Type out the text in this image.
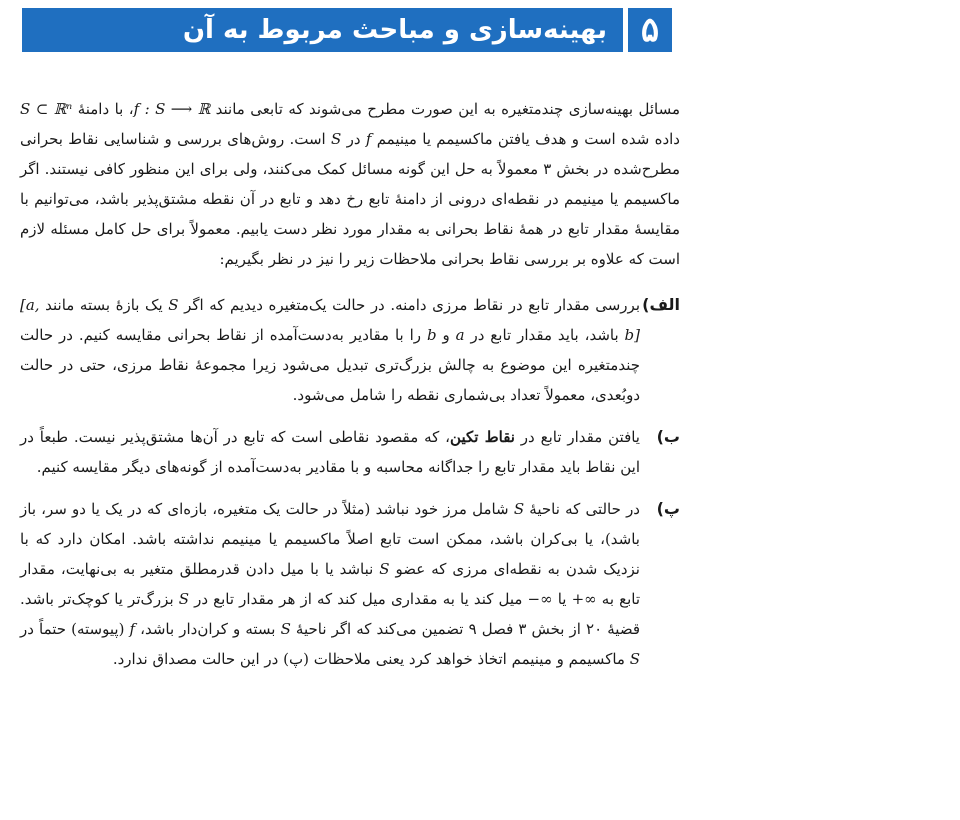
۵
بهینه‌سازی و مباحث مربوط به آن

مسائل بهینه‌سازی چندمتغیره به این صورت مطرح می‌شوند که تابعی مانند f : S ⟶ ℝ، با دامنهٔ S ⊂ ℝⁿ داده شده است و هدف یافتن ماکسیمم یا مینیمم f در S است. روش‌های بررسی و شناسایی نقاط بحرانی مطرح‌شده در بخش ۳ معمولاً به حل این گونه مسائل کمک می‌کنند، ولی برای این منظور کافی نیستند. اگر ماکسیمم یا مینیمم در نقطه‌ای درونی از دامنهٔ تابع رخ دهد و تابع در آن نقطه مشتق‌پذیر باشد، می‌توانیم با مقایسهٔ مقدار تابع در همهٔ نقاط بحرانی به مقدار مورد نظر دست یابیم. معمولاً برای حل کامل مسئله لازم است که علاوه بر بررسی نقاط بحرانی ملاحظات زیر را نیز در نظر بگیریم:

الف)
بررسی مقدار تابع در نقاط مرزی دامنه. در حالت یک‌متغیره دیدیم که اگر S یک بازهٔ بسته مانند [a, b] باشد، باید مقدار تابع در a و b را با مقادیر به‌دست‌آمده از نقاط بحرانی مقایسه کنیم. در حالت چندمتغیره این موضوع به چالش بزرگ‌تری تبدیل می‌شود زیرا مجموعهٔ نقاط مرزی، حتی در حالت دوبُعدی، معمولاً تعداد بی‌شماری نقطه را شامل می‌شود.
ب)
یافتن مقدار تابع در نقاط تکین، که مقصود نقاطی است که تابع در آن‌ها مشتق‌پذیر نیست. طبعاً در این نقاط باید مقدار تابع را جداگانه محاسبه و با مقادیر به‌دست‌آمده از گونه‌های دیگر مقایسه کنیم.
پ)
در حالتی که ناحیهٔ S شامل مرز خود نباشد (مثلاً در حالت یک متغیره، بازه‌ای که در یک یا دو سر، باز باشد)، یا بی‌کران باشد، ممکن است تابع اصلاً ماکسیمم یا مینیمم نداشته باشد. امکان دارد که با نزدیک شدن به نقطه‌ای مرزی که عضو S نباشد یا با میل دادن قدرمطلق متغیر به بی‌نهایت، مقدار تابع به +∞ یا −∞ میل کند یا به مقداری میل کند که از هر مقدار تابع در S بزرگ‌تر یا کوچک‌تر باشد. قضیهٔ ۲۰ از بخش ۳ فصل ۹ تضمین می‌کند که اگر ناحیهٔ S بسته و کران‌دار باشد، f (پیوسته) حتماً در S ماکسیمم و مینیمم اتخاذ خواهد کرد یعنی ملاحظات (پ) در این حالت مصداق ندارد.
